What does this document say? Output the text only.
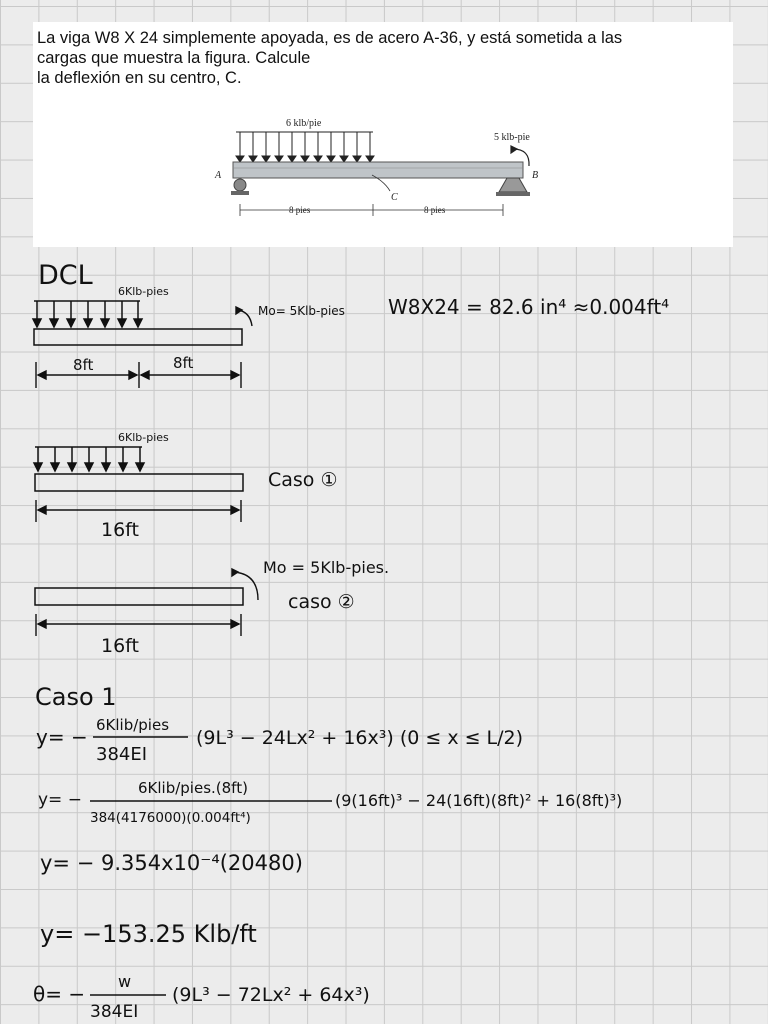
La viga W8 X 24 simplemente apoyada, es de acero A-36, y está sometida a las
cargas que muestra la figura. Calcule
la deflexión en su centro, C.
6 klb/pie
5 klb-pie
A	B
C
8 pies	8 pies
DCL
6Klb-pies
Mo= 5Klb-pies W8X24 = 82.6 in⁴ ≈0.004ft⁴
8ft	8ft
6Klb-pies
Caso ①
16ft
Mo = 5Klb-pies.
caso ②
16ft
Caso 1
y= − 6Klib/pies
384EI
(9L³ − 24Lx² + 16x³) (0 ≤ x ≤ L/2)
y= −
6Klib/pies.(8ft)
384(4176000)(0.004ft⁴)
(9(16ft)³ − 24(16ft)(8ft)² + 16(8ft)³)
y= − 9.354x10⁻⁴(20480)
y= −153.25 Klb/ft
θ= −
w
384EI
(9L³ − 72Lx² + 64x³)
